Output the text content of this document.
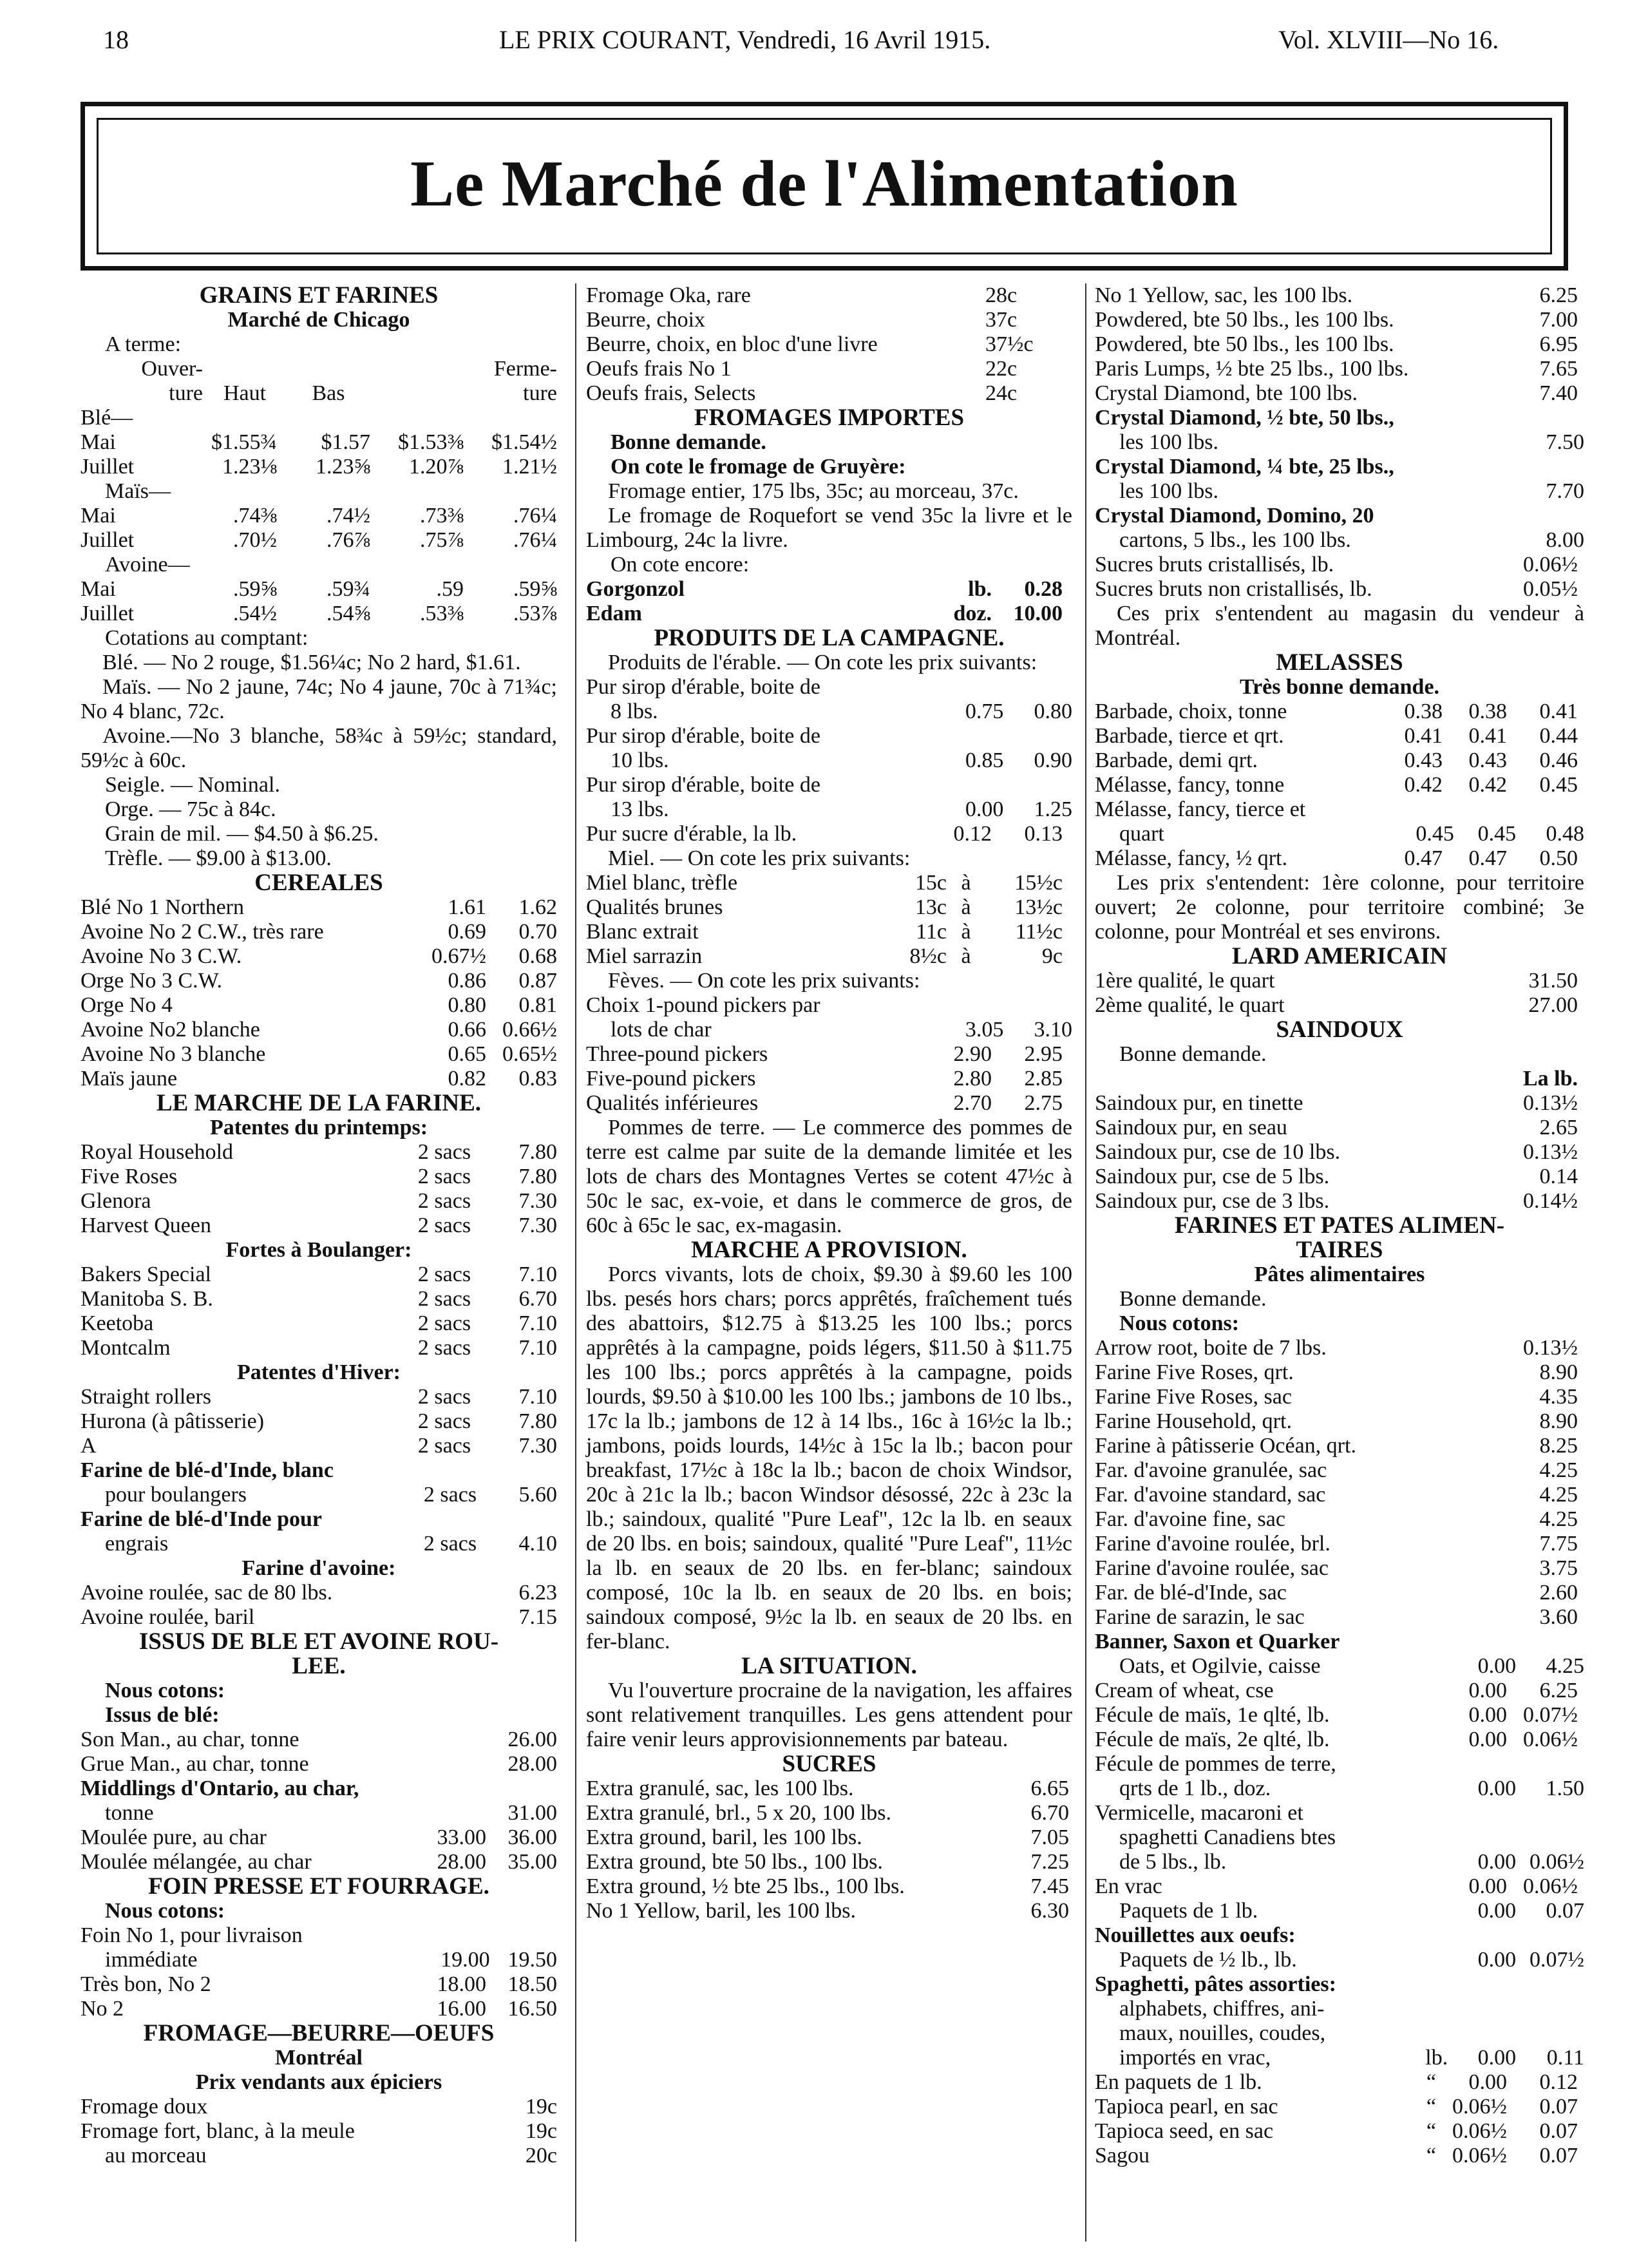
18	LE PRIX COURANT, Vendredi, 16 Avril 1915.	Vol. XLVIII—No 16.
Le Marché de l'Alimentation
GRAINS ET FARINES
Marché de Chicago
A terme:
Ouver-	Ferme-
ture Haut	Bas	ture
Blé—
Mai	$1.55¾	$1.57	$1.53⅜	$1.54½
Juillet	1.23⅛	1.23⅝	1.20⅞	1.21½
Maïs—
Mai	.74⅜	.74½	.73⅜	.76¼
Juillet	.70½	.76⅞	.75⅞	.76¼
Avoine—
Mai	.59⅝	.59¾	.59	.59⅝
Juillet	.54½	.54⅝	.53⅜	.53⅞
Cotations au comptant:
Blé. — No 2 rouge, $1.56¼c; No 2 hard, $1.61.
Maïs. — No 2 jaune, 74c; No 4 jaune, 70c à 71¾c; No 4 blanc, 72c.
Avoine.—No 3 blanche, 58¾c à 59½c; standard, 59½c à 60c.
Seigle. — Nominal.
Orge. — 75c à 84c.
Grain de mil. — $4.50 à $6.25.
Trèfle. — $9.00 à $13.00.
CEREALES
Blé No 1 Northern	1.61	1.62
Avoine No 2 C.W., très rare	0.69	0.70
Avoine No 3 C.W.	0.67½	0.68
Orge No 3 C.W.	0.86	0.87
Orge No 4	0.80	0.81
Avoine No2 blanche	0.66 0.66½
Avoine No 3 blanche	0.65 0.65½
Maïs jaune	0.82	0.83
LE MARCHE DE LA FARINE.
Patentes du printemps:
Royal Household	2 sacs	7.80
Five Roses	2 sacs	7.80
Glenora	2 sacs	7.30
Harvest Queen	2 sacs	7.30
Fortes à Boulanger:
Bakers Special	2 sacs	7.10
Manitoba S. B.	2 sacs	6.70
Keetoba	2 sacs	7.10
Montcalm	2 sacs	7.10
Patentes d'Hiver:
Straight rollers	2 sacs	7.10
Hurona (à pâtisserie)	2 sacs	7.80
A	2 sacs	7.30
Farine de blé-d'Inde, blanc
pour boulangers	2 sacs	5.60
Farine de blé-d'Inde pour
engrais	2 sacs	4.10
Farine d'avoine:
Avoine roulée, sac de 80 lbs.	6.23
Avoine roulée, baril	7.15
ISSUS DE BLE ET AVOINE ROU-
LEE.
Nous cotons:
Issus de blé:
Son Man., au char, tonne	26.00
Grue Man., au char, tonne	28.00
Middlings d'Ontario, au char,
tonne	31.00
Moulée pure, au char	33.00 36.00
Moulée mélangée, au char	28.00 35.00
FOIN PRESSE ET FOURRAGE.
Nous cotons:
Foin No 1, pour livraison
immédiate	19.00 19.50
Très bon, No 2	18.00 18.50
No 2	16.00 16.50
FROMAGE—BEURRE—OEUFS
Montréal
Prix vendants aux épiciers
Fromage doux	19c
Fromage fort, blanc, à la meule	19c
au morceau	20c
Fromage Oka, rare	28c
Beurre, choix	37c
Beurre, choix, en bloc d'une livre	37½c
Oeufs frais No 1	22c
Oeufs frais, Selects	24c
FROMAGES IMPORTES
Bonne demande.
On cote le fromage de Gruyère:
Fromage entier, 175 lbs, 35c; au morceau, 37c.
Le fromage de Roquefort se vend 35c la livre et le Limbourg, 24c la livre.
On cote encore:
Gorgonzol	lb.	0.28
Edam	doz. 10.00
PRODUITS DE LA CAMPAGNE.
Produits de l'érable. — On cote les prix suivants:
Pur sirop d'érable, boite de
8 lbs.	0.75	0.80
Pur sirop d'érable, boite de
10 lbs.	0.85	0.90
Pur sirop d'érable, boite de
13 lbs.	0.00	1.25
Pur sucre d'érable, la lb.	0.12	0.13
Miel. — On cote les prix suivants:
Miel blanc, trèfle	15c à	15½c
Qualités brunes	13c à	13½c
Blanc extrait	11c à	11½c
Miel sarrazin	8½c à	9c
Fèves. — On cote les prix suivants:
Choix 1-pound pickers par
lots de char	3.05	3.10
Three-pound pickers	2.90	2.95
Five-pound pickers	2.80	2.85
Qualités inférieures	2.70	2.75
Pommes de terre. — Le commerce des pommes de terre est calme par suite de la demande limitée et les lots de chars des Montagnes Vertes se cotent 47½c à 50c le sac, ex-voie, et dans le commerce de gros, de 60c à 65c le sac, ex-magasin.
MARCHE A PROVISION.
Porcs vivants, lots de choix, $9.30 à $9.60 les 100 lbs. pesés hors chars; porcs apprêtés, fraîchement tués des abattoirs, $12.75 à $13.25 les 100 lbs.; porcs apprêtés à la campagne, poids légers, $11.50 à $11.75 les 100 lbs.; porcs apprêtés à la campagne, poids lourds, $9.50 à $10.00 les 100 lbs.; jambons de 10 lbs., 17c la lb.; jambons de 12 à 14 lbs., 16c à 16½c la lb.; jambons, poids lourds, 14½c à 15c la lb.; bacon pour breakfast, 17½c à 18c la lb.; bacon de choix Windsor, 20c à 21c la lb.; bacon Windsor désossé, 22c à 23c la lb.; saindoux, qualité "Pure Leaf", 12c la lb. en seaux de 20 lbs. en bois; saindoux, qualité "Pure Leaf", 11½c la lb. en seaux de 20 lbs. en fer-blanc; saindoux composé, 10c la lb. en seaux de 20 lbs. en bois; saindoux composé, 9½c la lb. en seaux de 20 lbs. en fer-blanc.
LA SITUATION.
Vu l'ouverture procraine de la navigation, les affaires sont relativement tranquilles. Les gens attendent pour faire venir leurs approvisionnements par bateau.
SUCRES
Extra granulé, sac, les 100 lbs.	6.65
Extra granulé, brl., 5 x 20, 100 lbs.	6.70
Extra ground, baril, les 100 lbs.	7.05
Extra ground, bte 50 lbs., 100 lbs.	7.25
Extra ground, ½ bte 25 lbs., 100 lbs.	7.45
No 1 Yellow, baril, les 100 lbs.	6.30
No 1 Yellow, sac, les 100 lbs.	6.25
Powdered, bte 50 lbs., les 100 lbs.	7.00
Powdered, bte 50 lbs., les 100 lbs.	6.95
Paris Lumps, ½ bte 25 lbs., 100 lbs.	7.65
Crystal Diamond, bte 100 lbs.	7.40
Crystal Diamond, ½ bte, 50 lbs.,
les 100 lbs.	7.50
Crystal Diamond, ¼ bte, 25 lbs.,
les 100 lbs.	7.70
Crystal Diamond, Domino, 20
cartons, 5 lbs., les 100 lbs.	8.00
Sucres bruts cristallisés, lb.	0.06½
Sucres bruts non cristallisés, lb.	0.05½
Ces prix s'entendent au magasin du vendeur à Montréal.
MELASSES
Très bonne demande.
Barbade, choix, tonne	0.38	0.38	0.41
Barbade, tierce et qrt.	0.41	0.41	0.44
Barbade, demi qrt.	0.43	0.43	0.46
Mélasse, fancy, tonne	0.42	0.42	0.45
Mélasse, fancy, tierce et
quart	0.45	0.45	0.48
Mélasse, fancy, ½ qrt.	0.47	0.47	0.50
Les prix s'entendent: 1ère colonne, pour territoire ouvert; 2e colonne, pour territoire combiné; 3e colonne, pour Montréal et ses environs.
LARD AMERICAIN
1ère qualité, le quart	31.50
2ème qualité, le quart	27.00
SAINDOUX
Bonne demande.
La lb.
Saindoux pur, en tinette	0.13½
Saindoux pur, en seau	2.65
Saindoux pur, cse de 10 lbs.	0.13½
Saindoux pur, cse de 5 lbs.	0.14
Saindoux pur, cse de 3 lbs.	0.14½
FARINES ET PATES ALIMEN-
TAIRES
Pâtes alimentaires
Bonne demande.
Nous cotons:
Arrow root, boite de 7 lbs.	0.13½
Farine Five Roses, qrt.	8.90
Farine Five Roses, sac	4.35
Farine Household, qrt.	8.90
Farine à pâtisserie Océan, qrt.	8.25
Far. d'avoine granulée, sac	4.25
Far. d'avoine standard, sac	4.25
Far. d'avoine fine, sac	4.25
Farine d'avoine roulée, brl.	7.75
Farine d'avoine roulée, sac	3.75
Far. de blé-d'Inde, sac	2.60
Farine de sarazin, le sac	3.60
Banner, Saxon et Quarker
Oats, et Ogilvie, caisse	0.00	4.25
Cream of wheat, cse	0.00	6.25
Fécule de maïs, 1e qlté, lb.	0.00 0.07½
Fécule de maïs, 2e qlté, lb.	0.00 0.06½
Fécule de pommes de terre,
qrts de 1 lb., doz.	0.00	1.50
Vermicelle, macaroni et
spaghetti Canadiens btes
de 5 lbs., lb.	0.00 0.06½
En vrac	0.00 0.06½
Paquets de 1 lb.	0.00	0.07
Nouillettes aux oeufs:
Paquets de ½ lb., lb.	0.00 0.07½
Spaghetti, pâtes assorties:
alphabets, chiffres, ani-
maux, nouilles, coudes,
importés en vrac,	lb.	0.00	0.11
En paquets de 1 lb.	“	0.00	0.12
Tapioca pearl, en sac	“ 0.06½	0.07
Tapioca seed, en sac	“ 0.06½	0.07
Sagou	“ 0.06½	0.07
